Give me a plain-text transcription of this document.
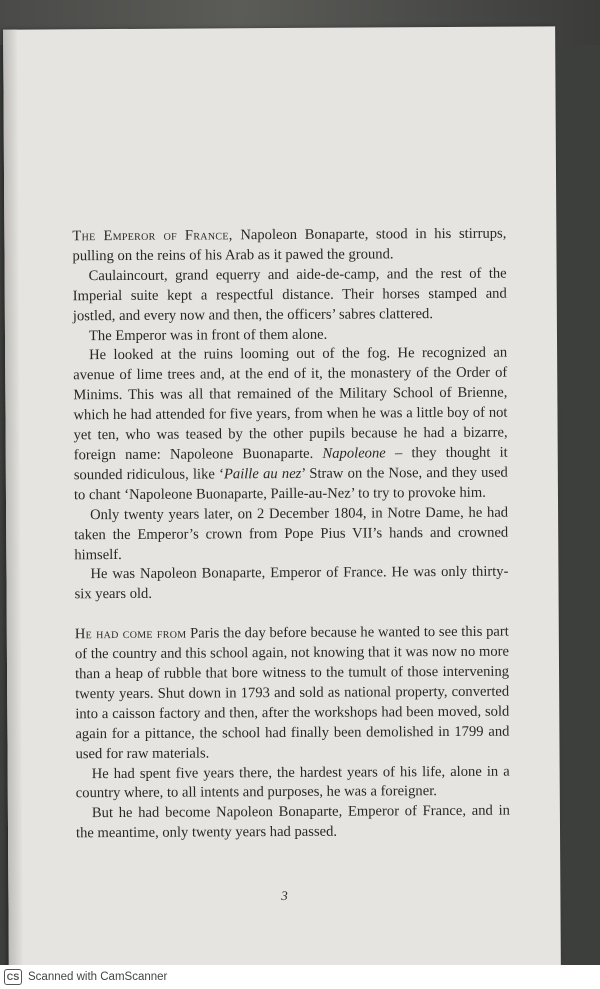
The Emperor of France, Napoleon Bonaparte, stood in his stirrups, pulling on the reins of his Arab as it pawed the ground.

Caulaincourt, grand equerry and aide-de-camp, and the rest of the Imperial suite kept a respectful distance. Their horses stamped and jostled, and every now and then, the officers’ sabres clattered.

The Emperor was in front of them alone.

He looked at the ruins looming out of the fog. He recognized an avenue of lime trees and, at the end of it, the monastery of the Order of Minims. This was all that remained of the Military School of Brienne, which he had attended for five years, from when he was a little boy of not yet ten, who was teased by the other pupils because he had a bizarre, foreign name: Napoleone Buonaparte. Napoleone – they thought it sounded ridiculous, like ‘Paille au nez’ Straw on the Nose, and they used to chant ‘Napoleone Buonaparte, Paille-au-Nez’ to try to provoke him.

Only twenty years later, on 2 December 1804, in Notre Dame, he had taken the Emperor’s crown from Pope Pius VII’s hands and crowned himself.

He was Napoleon Bonaparte, Emperor of France. He was only thirty-six years old.

He had come from Paris the day before because he wanted to see this part of the country and this school again, not knowing that it was now no more than a heap of rubble that bore witness to the tumult of those intervening twenty years. Shut down in 1793 and sold as national property, converted into a caisson factory and then, after the workshops had been moved, sold again for a pittance, the school had finally been demolished in 1799 and used for raw materials.

He had spent five years there, the hardest years of his life, alone in a country where, to all intents and purposes, he was a foreigner.

But he had become Napoleon Bonaparte, Emperor of France, and in the meantime, only twenty years had passed.

3
CS Scanned with CamScanner
